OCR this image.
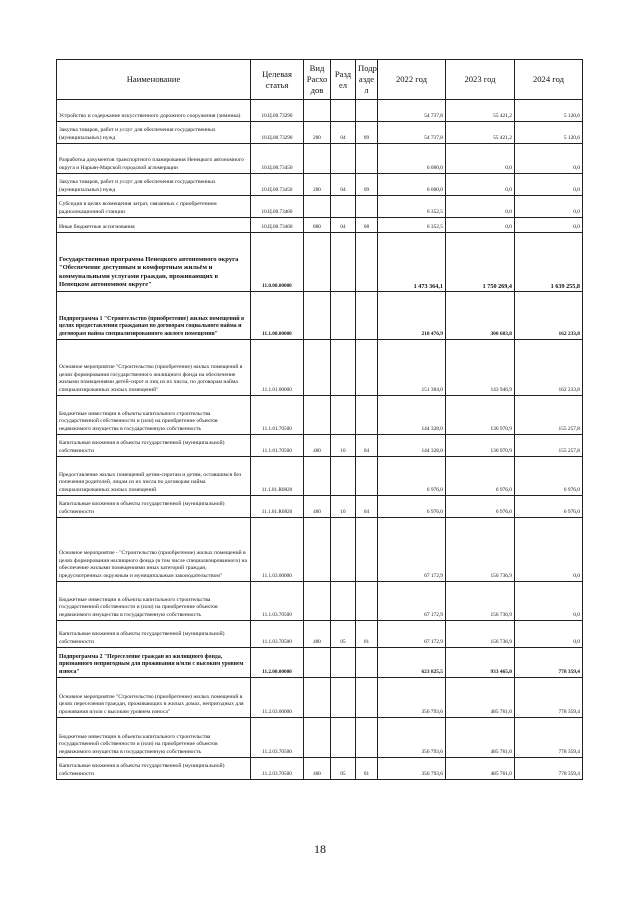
Наименование	Целевая статья	Вид Расхо дов	Разд ел	Подр азде л	2022 год	2023 год	2024 год
Устройство и содержание искусственного дорожного сооружения (зимника)	10.Ц.00.73290				54 737,8	55 421,2	5 120,6
Закупка товаров, работ и услуг для обеспечения государственных (муниципальных) нужд	10.Ц.00.73290	200	04	09	54 737,8	55 421,2	5 120,6
Разработка документов транспортного планирования Ненецкого автономного округа и Нарьян-Марской городской агломерации	10.Ц.00.73450				6 000,0	0,0	0,0
Закупка товаров, работ и услуг для обеспечения государственных (муниципальных) нужд	10.Ц.00.73450	200	04	09	6 000,0	0,0	0,0
Субсидия в целях возмещения затрат, связанных с приобретением радиолокационной станции	10.Ц.00.73460				6 352,5	0,0	0,0
Иные бюджетные ассигнования	10.Ц.00.73460	800	04	08	6 352,5	0,0	0,0
Государственная программа Ненецкого автономного округа "Обеспечение доступным и комфортным жильём и коммунальными услугами граждан, проживающих в Ненецком автономном округе"	11.0.00.00000				1 473 364,1	1 750 269,4	1 639 255,8
Подпрограмма 1 "Строительство (приобретение) жилых помещений в целях предоставления гражданам по договорам социального найма и договорам найма специализированного жилого помещения"	11.1.00.00000				218 476,9	300 683,8	162 233,8
Основное мероприятие "Строительство (приобретение) жилых помещений в целях формирования государственного жилищного фонда на обеспечение жилыми помещениями детей-сирот и лиц из их числа, по договорам найма специализированных жилых помещений"	11.1.01.00000				151 304,0	143 946,9	162 233,8
Бюджетные инвестиции в объекты капитального строительства государственной собственности и (или) на приобретение объектов недвижимого имущества в государственную собственность	11.1.01.70500				144 328,0	136 970,9	155 257,8
Капитальные вложения в объекты государственной (муниципальной) собственности	11.1.01.70500	400	10	04	144 328,0	136 970,9	155 257,8
Предоставление жилых помещений детям-сиротам и детям, оставшимся без попечения родителей, лицам из их числа по договорам найма специализированных жилых помещений	11.1.01.R0820				6 976,0	6 976,0	6 976,0
Капитальные вложения в объекты государственной (муниципальной) собственности	11.1.01.R0820	400	10	04	6 976,0	6 976,0	6 976,0
Основное мероприятие - "Строительство (приобретение) жилых помещений в целях формирования жилищного фонда (в том числе специализированного) на обеспечение жилыми помещениями иных категорий граждан, предусмотренных окружным и муниципальным законодательством"	11.1.03.00000				67 172,9	156 736,9	0,0
Бюджетные инвестиции в объекты капитального строительства государственной собственности и (или) на приобретение объектов недвижимого имущества в государственную собственность	11.1.03.70500				67 172,9	156 736,9	0,0
Капитальные вложения в объекты государственной (муниципальной) собственности	11.1.03.70500	400	05	01	67 172,9	156 736,9	0,0
Подпрограмма 2 "Переселение граждан из жилищного фонда, признанного непригодным для проживания и/или с высоким уровнем износа"	11.2.00.00000				623 825,5	933 465,0	778 359,4
Основное мероприятие "Строительство (приобретение) жилых помещений в целях переселения граждан, проживающих в жилых домах, непригодных для проживания и/или с высоким уровнем износа"	11.2.03.00000				356 793,6	485 761,0	778 359,4
Бюджетные инвестиции в объекты капитального строительства государственной собственности и (или) на приобретение объектов недвижимого имущества в государственную собственность	11.2.03.70500				356 793,6	485 761,0	778 359,4
Капитальные вложения в объекты государственной (муниципальной) собственности	11.2.03.70500	400	05	01	356 793,6	485 761,0	778 359,4
18
